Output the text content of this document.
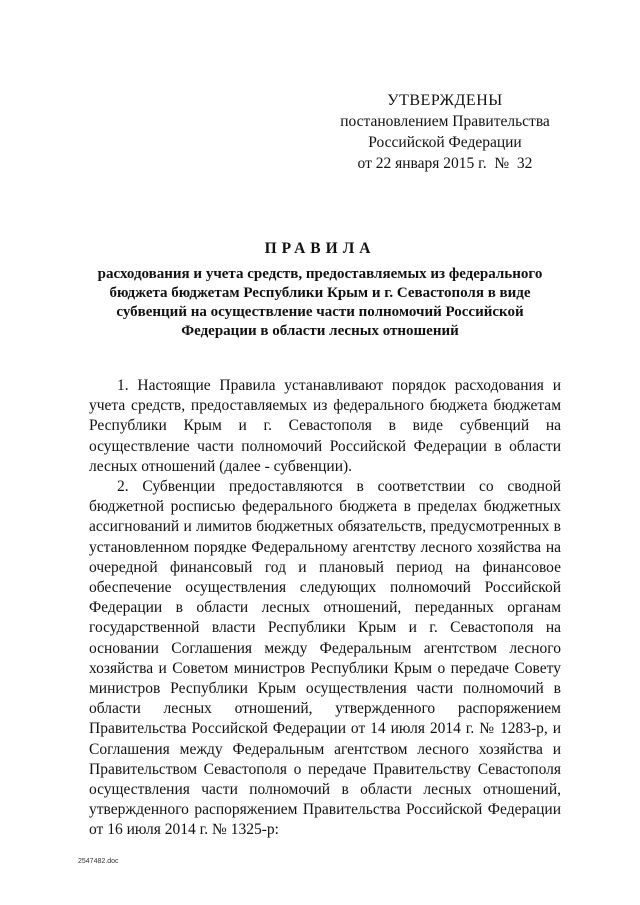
УТВЕРЖДЕНЫ
постановлением Правительства
Российской Федерации
от 22 января 2015 г.  №  32
ПРАВИЛА
расходования и учета средств, предоставляемых из федерального
бюджета бюджетам Республики Крым и г. Севастополя в виде
субвенций на осуществление части полномочий Российской
Федерации в области лесных отношений

1. Настоящие Правила устанавливают порядок расходования и учета средств, предоставляемых из федерального бюджета бюджетам Республики Крым и г. Севастополя в виде субвенций на осуществление части полномочий Российской Федерации в области лесных отношений (далее - субвенции).

2. Субвенции предоставляются в соответствии со сводной бюджетной росписью федерального бюджета в пределах бюджетных ассигнований и лимитов бюджетных обязательств, предусмотренных в установленном порядке Федеральному агентству лесного хозяйства на очередной финансовый год и плановый период на финансовое обеспечение осуществления следующих полномочий Российской Федерации в области лесных отношений, переданных органам государственной власти Республики Крым и г. Севастополя на основании Соглашения между Федеральным агентством лесного хозяйства и Советом министров Республики Крым о передаче Совету министров Республики Крым осуществления части полномочий в области лесных отношений, утвержденного распоряжением Правительства Российской Федерации от 14 июля 2014 г. № 1283-р, и Соглашения между Федеральным агентством лесного хозяйства и Правительством Севастополя о передаче Правительству Севастополя осуществления части полномочий в области лесных отношений, утвержденного распоряжением Правительства Российской Федерации от 16 июля 2014 г. № 1325-р:

2547482.doc
